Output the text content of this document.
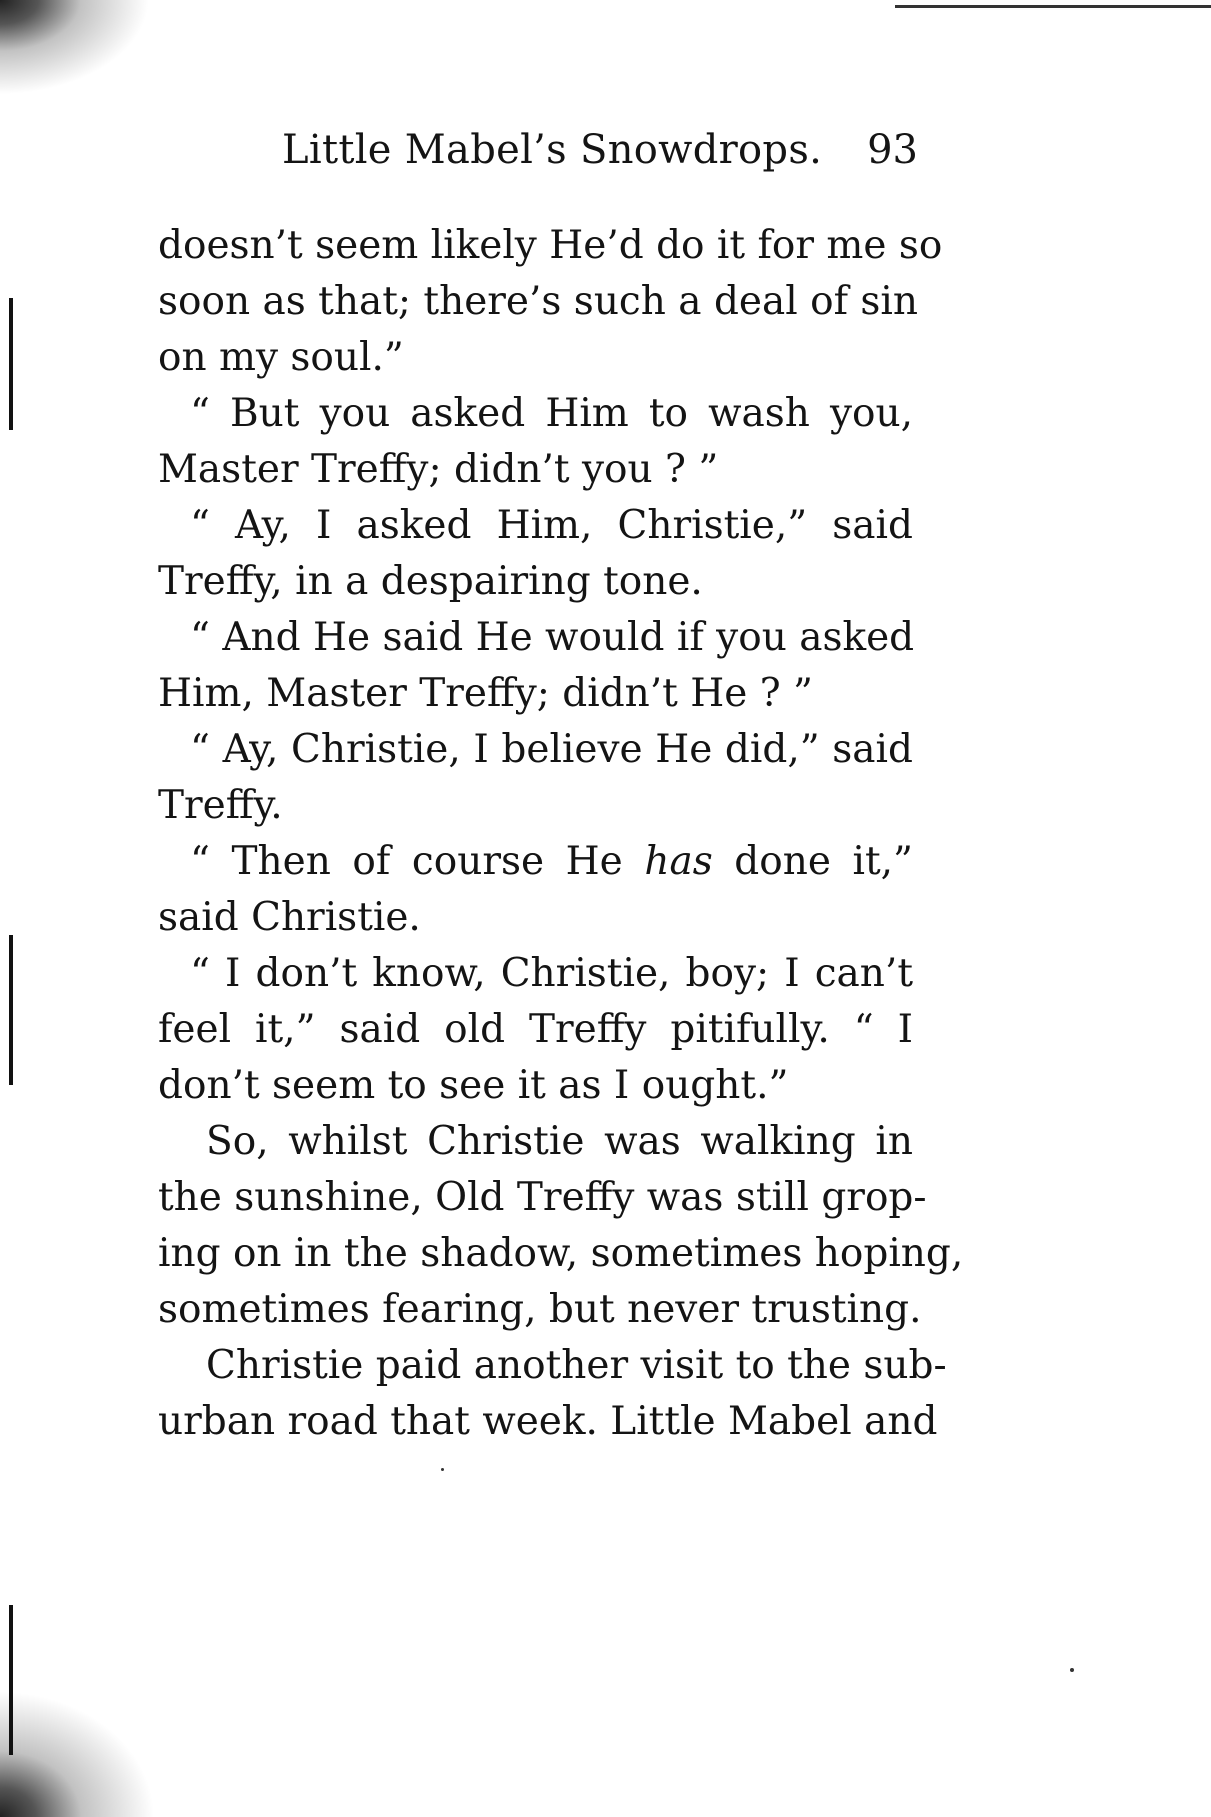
Little Mabel’s Snowdrops. 93
doesn’t seem likely He’d do it for me so
soon as that; there’s such a deal of sin
on my soul.”
“ But you asked Him to wash you,
Master Treffy; didn’t you ? ”
“ Ay, I asked Him, Christie,” said
Treffy, in a despairing tone.
“ And He said He would if you asked
Him, Master Treffy; didn’t He ? ”
“ Ay, Christie, I believe He did,” said
Treffy.
“ Then of course He has done it,”
said Christie.
“ I don’t know, Christie, boy; I can’t
feel it,” said old Treffy pitifully. “ I
don’t seem to see it as I ought.”
So, whilst Christie was walking in
the sunshine, Old Treffy was still grop-
ing on in the shadow, sometimes hoping,
sometimes fearing, but never trusting.
Christie paid another visit to the sub-
urban road that week. Little Mabel and
